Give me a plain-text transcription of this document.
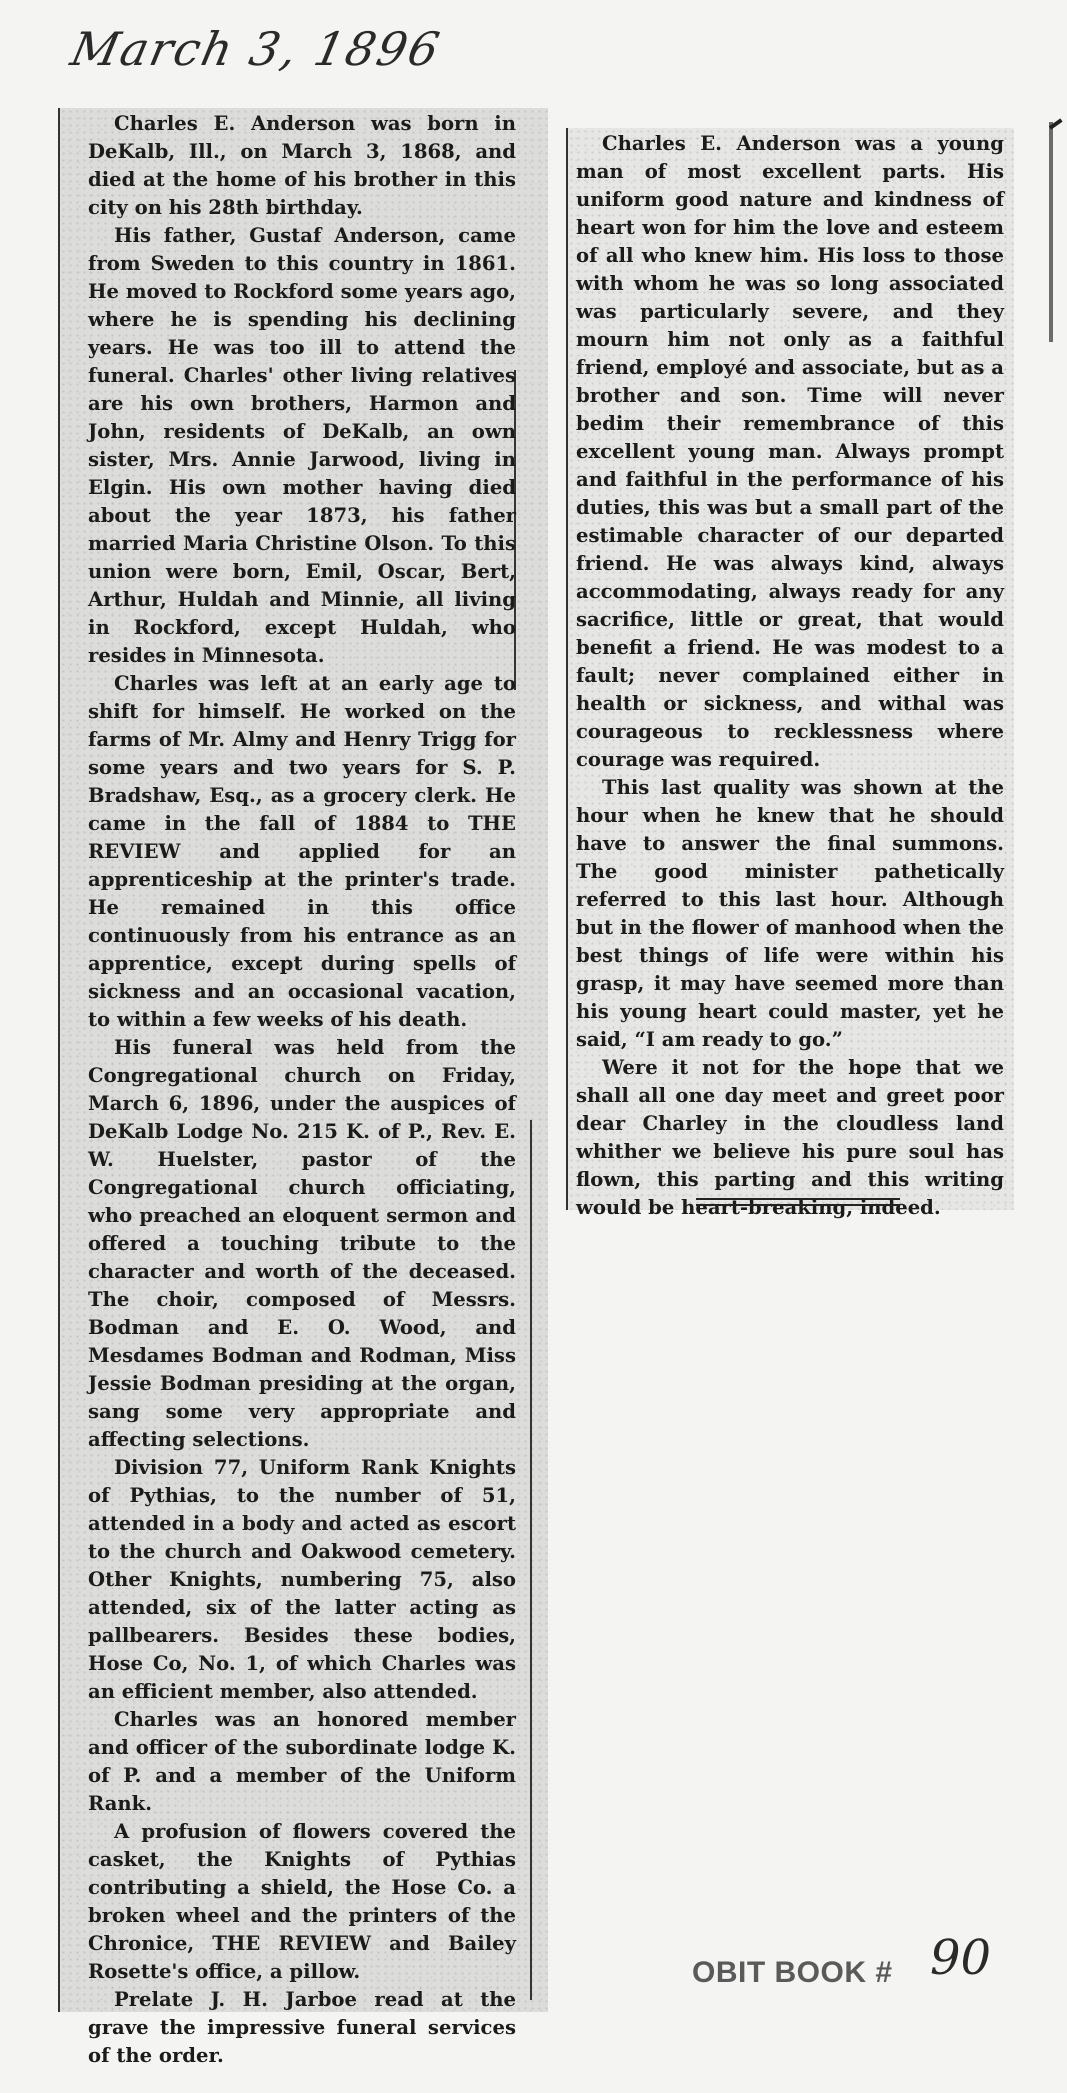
March 3, 1896

Charles E. Anderson was born in DeKalb, Ill., on March 3, 1868, and died at the home of his brother in this city on his 28th birthday.

His father, Gustaf Anderson, came from Sweden to this country in 1861. He moved to Rockford some years ago, where he is spending his declining years. He was too ill to attend the funeral. Charles' other living relatives are his own brothers, Harmon and John, residents of DeKalb, an own sister, Mrs. Annie Jarwood, living in Elgin. His own mother having died about the year 1873, his father married Maria Christine Olson. To this union were born, Emil, Oscar, Bert, Arthur, Huldah and Minnie, all living in Rockford, except Huldah, who resides in Minnesota.

Charles was left at an early age to shift for himself. He worked on the farms of Mr. Almy and Henry Trigg for some years and two years for S. P. Bradshaw, Esq., as a grocery clerk. He came in the fall of 1884 to THE REVIEW and applied for an apprenticeship at the printer's trade. He remained in this office continuously from his entrance as an apprentice, except during spells of sickness and an occasional vacation, to within a few weeks of his death.

His funeral was held from the Congregational church on Friday, March 6, 1896, under the auspices of DeKalb Lodge No. 215 K. of P., Rev. E. W. Huelster, pastor of the Congregational church officiating, who preached an eloquent sermon and offered a touching tribute to the character and worth of the deceased. The choir, composed of Messrs. Bodman and E. O. Wood, and Mesdames Bodman and Rodman, Miss Jessie Bodman presiding at the organ, sang some very appropriate and affecting selections.

Division 77, Uniform Rank Knights of Pythias, to the number of 51, attended in a body and acted as escort to the church and Oakwood cemetery. Other Knights, numbering 75, also attended, six of the latter acting as pallbearers. Besides these bodies, Hose Co, No. 1, of which Charles was an efficient member, also attended.

Charles was an honored member and officer of the subordinate lodge K. of P. and a member of the Uniform Rank.

A profusion of flowers covered the casket, the Knights of Pythias contributing a shield, the Hose Co. a broken wheel and the printers of the Chronice, THE REVIEW and Bailey Rosette's office, a pillow.

Prelate J. H. Jarboe read at the grave the impressive funeral services of the order.

Charles E. Anderson was a young man of most excellent parts. His uniform good nature and kindness of heart won for him the love and esteem of all who knew him. His loss to those with whom he was so long associated was particularly severe, and they mourn him not only as a faithful friend, employé and associate, but as a brother and son. Time will never bedim their remembrance of this excellent young man. Always prompt and faithful in the performance of his duties, this was but a small part of the estimable character of our departed friend. He was always kind, always accommodating, always ready for any sacrifice, little or great, that would benefit a friend. He was modest to a fault; never complained either in health or sickness, and withal was courageous to recklessness where courage was required.

This last quality was shown at the hour when he knew that he should have to answer the final summons. The good minister pathetically referred to this last hour. Although but in the flower of manhood when the best things of life were within his grasp, it may have seemed more than his young heart could master, yet he said, “I am ready to go.”

Were it not for the hope that we shall all one day meet and greet poor dear Charley in the cloudless land whither we believe his pure soul has flown, this parting and this writing would be heart-breaking, indeed.

OBIT BOOK # 90
